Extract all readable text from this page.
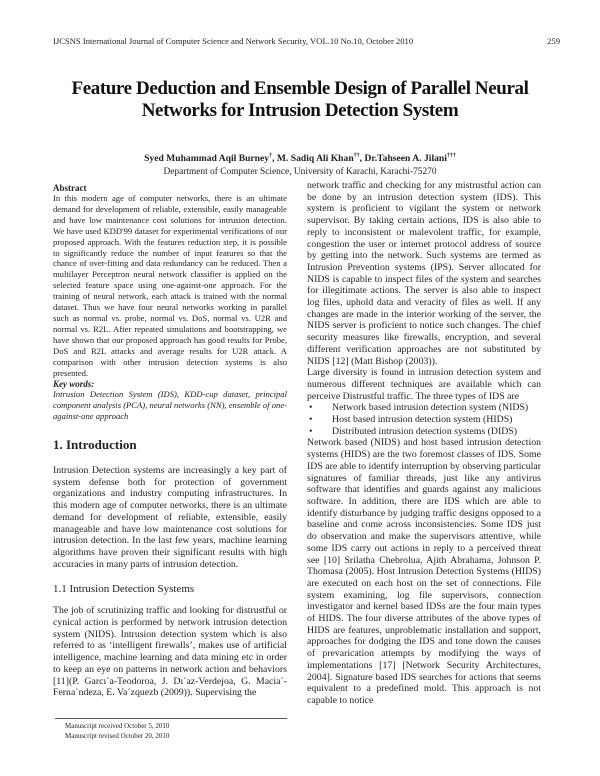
IJCSNS International Journal of Computer Science and Network Security, VOL.10 No.10, October 2010	259
Feature Deduction and Ensemble Design of Parallel Neural
Networks for Intrusion Detection System
Syed Muhammad Aqil Burney†, M. Sadiq Ali Khan††, Dr.Tahseen A. Jilani†††
Department of Computer Science, University of Karachi, Karachi-75270
Abstract

In this modern age of computer networks, there is an ultimate demand for development of reliable, extensible, easily manageable and have low maintenance cost solutions for intrusion detection. We have used KDD'99 dataset for experimental verifications of our proposed approach. With the features reduction step, it is possible to significantly reduce the number of input features so that the chance of over-fitting and data redundancy can be reduced. Then a multilayer Perceptron neural network classifier is applied on the selected feature space using one-against-one approach. For the training of neural network, each attack is trained with the normal dataset. Thus we have four neural networks working in parallel such as normal vs. probe, normal vs. DoS, normal vs. U2R and normal vs. R2L. After repeated simulations and bootstrapping, we have shown that our proposed approach has good results for Probe, DoS and R2L attacks and average results for U2R attack. A comparison with other intrusion detection systems is also presented.

Key words:

Intrusion Detection System (IDS), KDD-cup dataset, principal component analysis (PCA), neural networks (NN), ensemble of one-against-one approach

1. Introduction

Intrusion Detection systems are increasingly a key part of system defense both for protection of government organizations and industry computing infrastructures. In this modern age of computer networks, there is an ultimate demand for development of reliable, extensible, easily manageable and have low maintenance cost solutions for intrusion detection. In the last few years, machine learning algorithms have proven their significant results with high accuracies in many parts of intrusion detection.

1.1 Intrusion Detection Systems

The job of scrutinizing traffic and looking for distrustful or cynical action is performed by network intrusion detection system (NIDS). Intrusion detection system which is also referred to as ‘intelligent firewalls’, makes use of artificial intelligence, machine learning and data mining etc in order to keep an eye on patterns in network action and behaviors [11](P. Garcı´a-Teodoroa, J. Dı´az-Verdejoa, G. Macia´-Ferna´ndeza, E. Va´zquezb (2009)). Supervising the

Manuscript received October 5, 2010
Manuscript revised October 20, 2010

network traffic and checking for any mistrustful action can be done by an intrusion detection system (IDS). This system is proficient to vigilant the system or network supervisor. By taking certain actions, IDS is also able to reply to inconsistent or malevolent traffic, for example, congestion the user or internet protocol address of source by getting into the network. Such systems are termed as Intrusion Prevention systems (IPS). Server allocated for NIDS is capable to inspect files of the system and searches for illegitimate actions. The server is also able to inspect log files, uphold data and veracity of files as well. If any changes are made in the interior working of the server, the NIDS server is proficient to notice such changes. The chief security measures like firewalls, encryption, and several different verification approaches are not substituted by NIDS [12] (Matt Bishop (2003)).

Large diversity is found in intrusion detection system and numerous different techniques are available which can perceive Distrustful traffic. The three types of IDS are

• Network based intrusion detection system (NIDS)
• Host based intrusion detection system (HIDS)
• Distributed intrusion detection systems (DIDS)

Network based (NIDS) and host based intrusion detection systems (HIDS) are the two foremost classes of IDS. Some IDS are able to identify interruption by observing particular signatures of familiar threads, just like any antivirus software that identifies and guards against any malicious software. In addition, there are IDS which are able to identify disturbance by judging traffic designs opposed to a baseline and come across inconsistencies. Some IDS just do observation and make the supervisors attentive, while some IDS carry out actions in reply to a perceived threat see [10] Srilatha Chebrolua, Ajith Abrahama, Johnson P. Thomasa (2005). Host Intrusion Detection Systems (HIDS) are executed on each host on the set of connections. File system examining, log file supervisors, connection investigator and kernel based IDSs are the four main types of HIDS. The four diverse attributes of the above types of HIDS are features, unproblematic installation and support, approaches for dodging the IDS and tone down the causes of prevarication attempts by modifying the ways of implementations [17] [Network Security Architectures, 2004]. Signature based IDS searches for actions that seems equivalent to a predefined mold. This approach is not capable to notice
